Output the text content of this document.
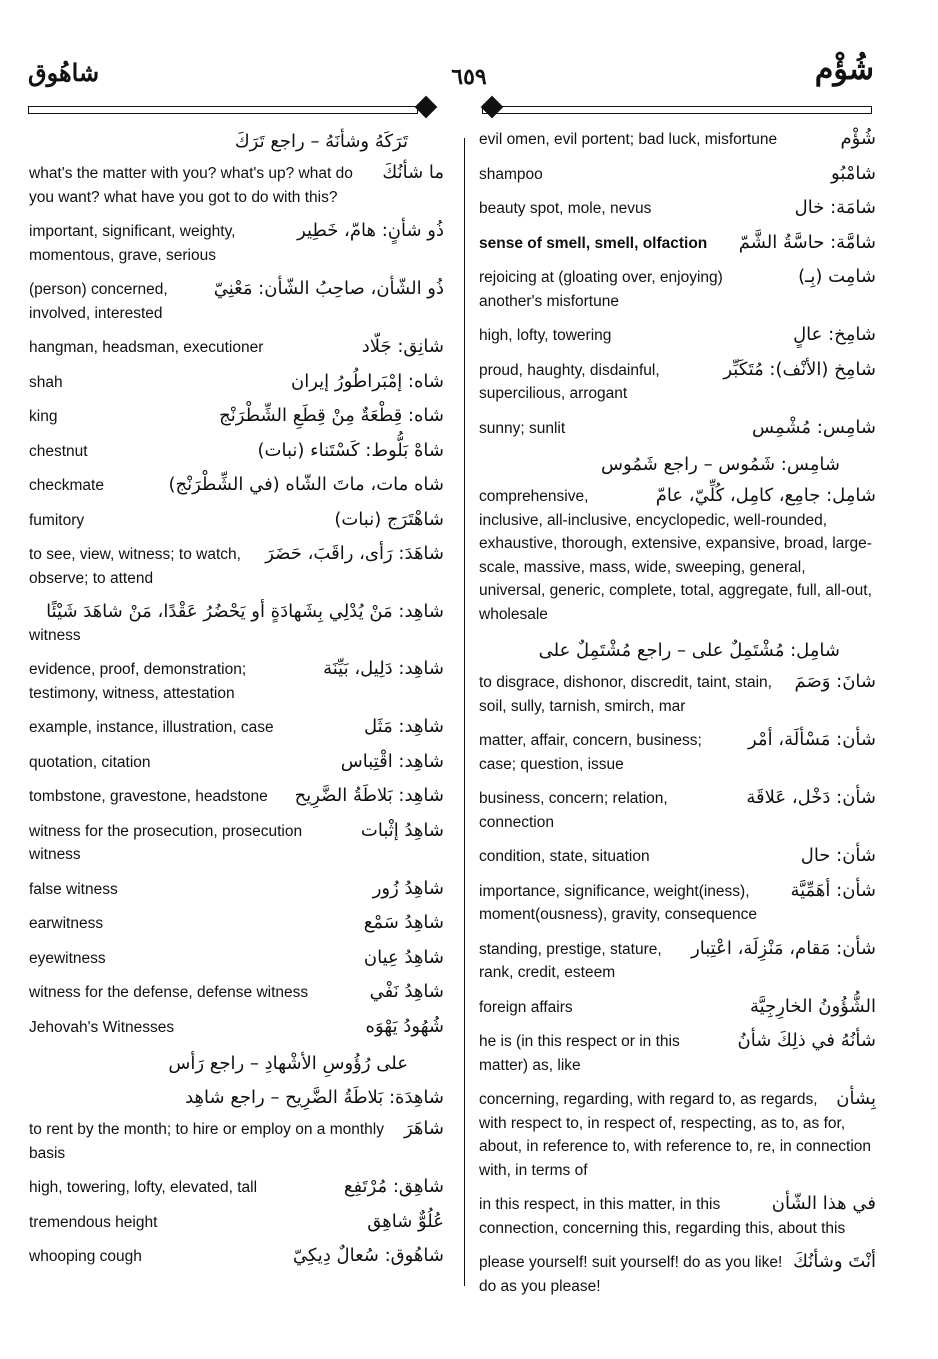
شاهُوق	٦٥٩	شُؤْم
تَرَكَهُ وشأنَهُ – راجع تَرَكَ
ما شأنُكَ
what's the matter with you? what's up? what do you want? what have you got to do with this?
ذُو شأنٍ: هامّ، خَطِير
important, significant, weighty, momentous, grave, serious
ذُو الشّأن، صاحِبُ الشّأن: مَعْنِيّ
(person) concerned, involved, interested
شانِق: جَلّاد
hangman, headsman, executioner
شاه: إمْبَراطُورُ إيران
shah
شاه: قِطْعَةٌ مِنْ قِطَعِ الشِّطْرَنْج
king
شاهْ بَلُّوط: كَسْتَناء (نبات)
chestnut
شاه مات، ماتَ الشّاه (في الشِّطْرَنْج)
checkmate
شاهْتَرَج (نبات)
fumitory
شاهَدَ: رَأى، راقَبَ، حَضَرَ
to see, view, witness; to watch, observe; to attend
شاهِد: مَنْ يُدْلِي بِشَهادَةٍ أو يَحْضُرُ عَقْدًا، مَنْ شاهَدَ شَيْئًا
witness
شاهِد: دَلِيل، بَيِّنَة
evidence, proof, demonstration; testimony, witness, attestation
شاهِد: مَثَل
example, instance, illustration, case
شاهِد: اقْتِباس
quotation, citation
شاهِد: بَلاطَةُ الضَّرِيح
tombstone, gravestone, headstone
شاهِدُ إثْبات
witness for the prosecution, prosecution witness
شاهِدُ زُور
false witness
شاهِدُ سَمْع
earwitness
شاهِدُ عِيان
eyewitness
شاهِدُ نَفْي
witness for the defense, defense witness
شُهُودُ يَهْوَه
Jehovah's Witnesses
على رُؤُوسِ الأشْهادِ – راجع رَأس
شاهِدَة: بَلاطَةُ الضَّرِيح – راجع شاهِد
شاهَرَ
to rent by the month; to hire or employ on a monthly basis
شاهِق: مُرْتَفِع
high, towering, lofty, elevated, tall
عُلُوٌّ شاهِق
tremendous height
شاهُوق: سُعالٌ دِيكِيّ
whooping cough
شُؤْم
evil omen, evil portent; bad luck, misfortune
شامْبُو
shampoo
شامَة: خال
beauty spot, mole, nevus
شامَّة: حاسَّةُ الشَّمّ
sense of smell, smell, olfaction
شامِت (بِـ)
rejoicing at (gloating over, enjoying) another's misfortune
شامِخ: عالٍ
high, lofty, towering
شامِخ (الأنْف): مُتَكَبِّر
proud, haughty, disdainful, supercilious, arrogant
شامِس: مُشْمِس
sunny; sunlit
شامِس: شَمُوس – راجع شَمُوس
شامِل: جامِع، كامِل، كُلِّيّ، عامّ
comprehensive, inclusive, all-inclusive, encyclopedic, well-rounded, exhaustive, thorough, extensive, expansive, broad, large-scale, massive, mass, wide, sweeping, general, universal, generic, complete, total, aggregate, full, all-out, wholesale
شامِل: مُشْتَمِلٌ على – راجع مُشْتَمِلٌ على
شانَ: وَصَمَ
to disgrace, dishonor, discredit, taint, stain, soil, sully, tarnish, smirch, mar
شأن: مَسْألَة، أمْر
matter, affair, concern, business; case; question, issue
شأن: دَخْل، عَلاقَة
business, concern; relation, connection
شأن: حال
condition, state, situation
شأن: أهَمِّيَّة
importance, significance, weight(iness), moment(ousness), gravity, consequence
شأن: مَقام، مَنْزِلَة، اعْتِبار
standing, prestige, stature, rank, credit, esteem
الشُّؤُونُ الخارِجِيَّة
foreign affairs
شأنُهُ في ذلِكَ شأنُ
he is (in this respect or in this matter) as, like
بِشأن
concerning, regarding, with regard to, as regards, with respect to, in respect of, respecting, as to, as for, about, in reference to, with reference to, re, in connection with, in terms of
في هذا الشّأن
in this respect, in this matter, in this connection, concerning this, regarding this, about this
أنْتَ وشأنُكَ
please yourself! suit yourself! do as you like! do as you please!
